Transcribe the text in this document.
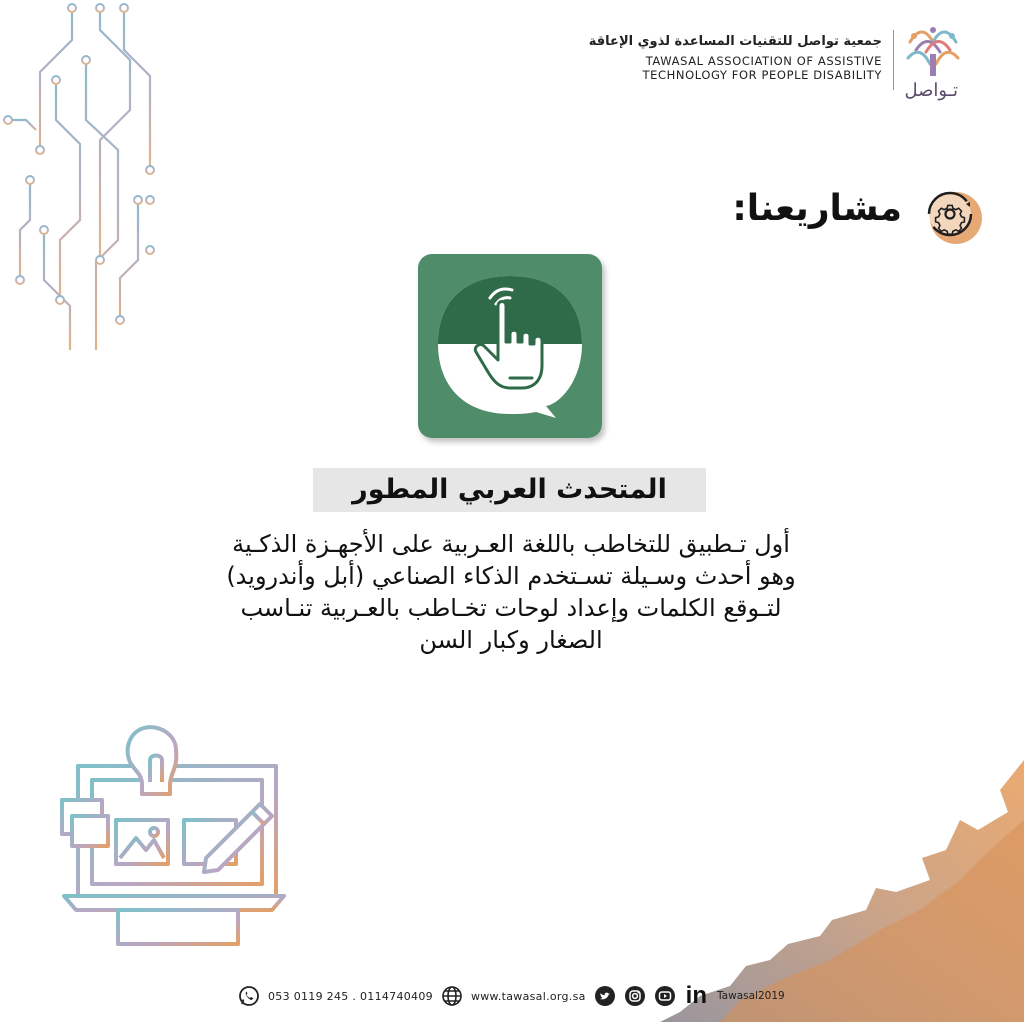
جمعية تواصل للتقنيات المساعدة لذوي الإعاقة
TAWASAL ASSOCIATION OF ASSISTIVE
TECHNOLOGY FOR PEOPLE DISABILITY
تـواصل
مشاريعنا:
المتحدث العربي المطور
أول تـطبيق للتخاطب باللغة العـربية على الأجهـزة الذكـية
وهو أحدث وسـيلة تسـتخدم الذكاء الصناعي (أبل وأندرويد)
لتـوقع الكلمات وإعداد لوحات تخـاطب بالعـربية تنـاسب
الصغار وكبار السن
053 0119 245 . 0114740409	www.tawasal.org.sa	in Tawasal2019
